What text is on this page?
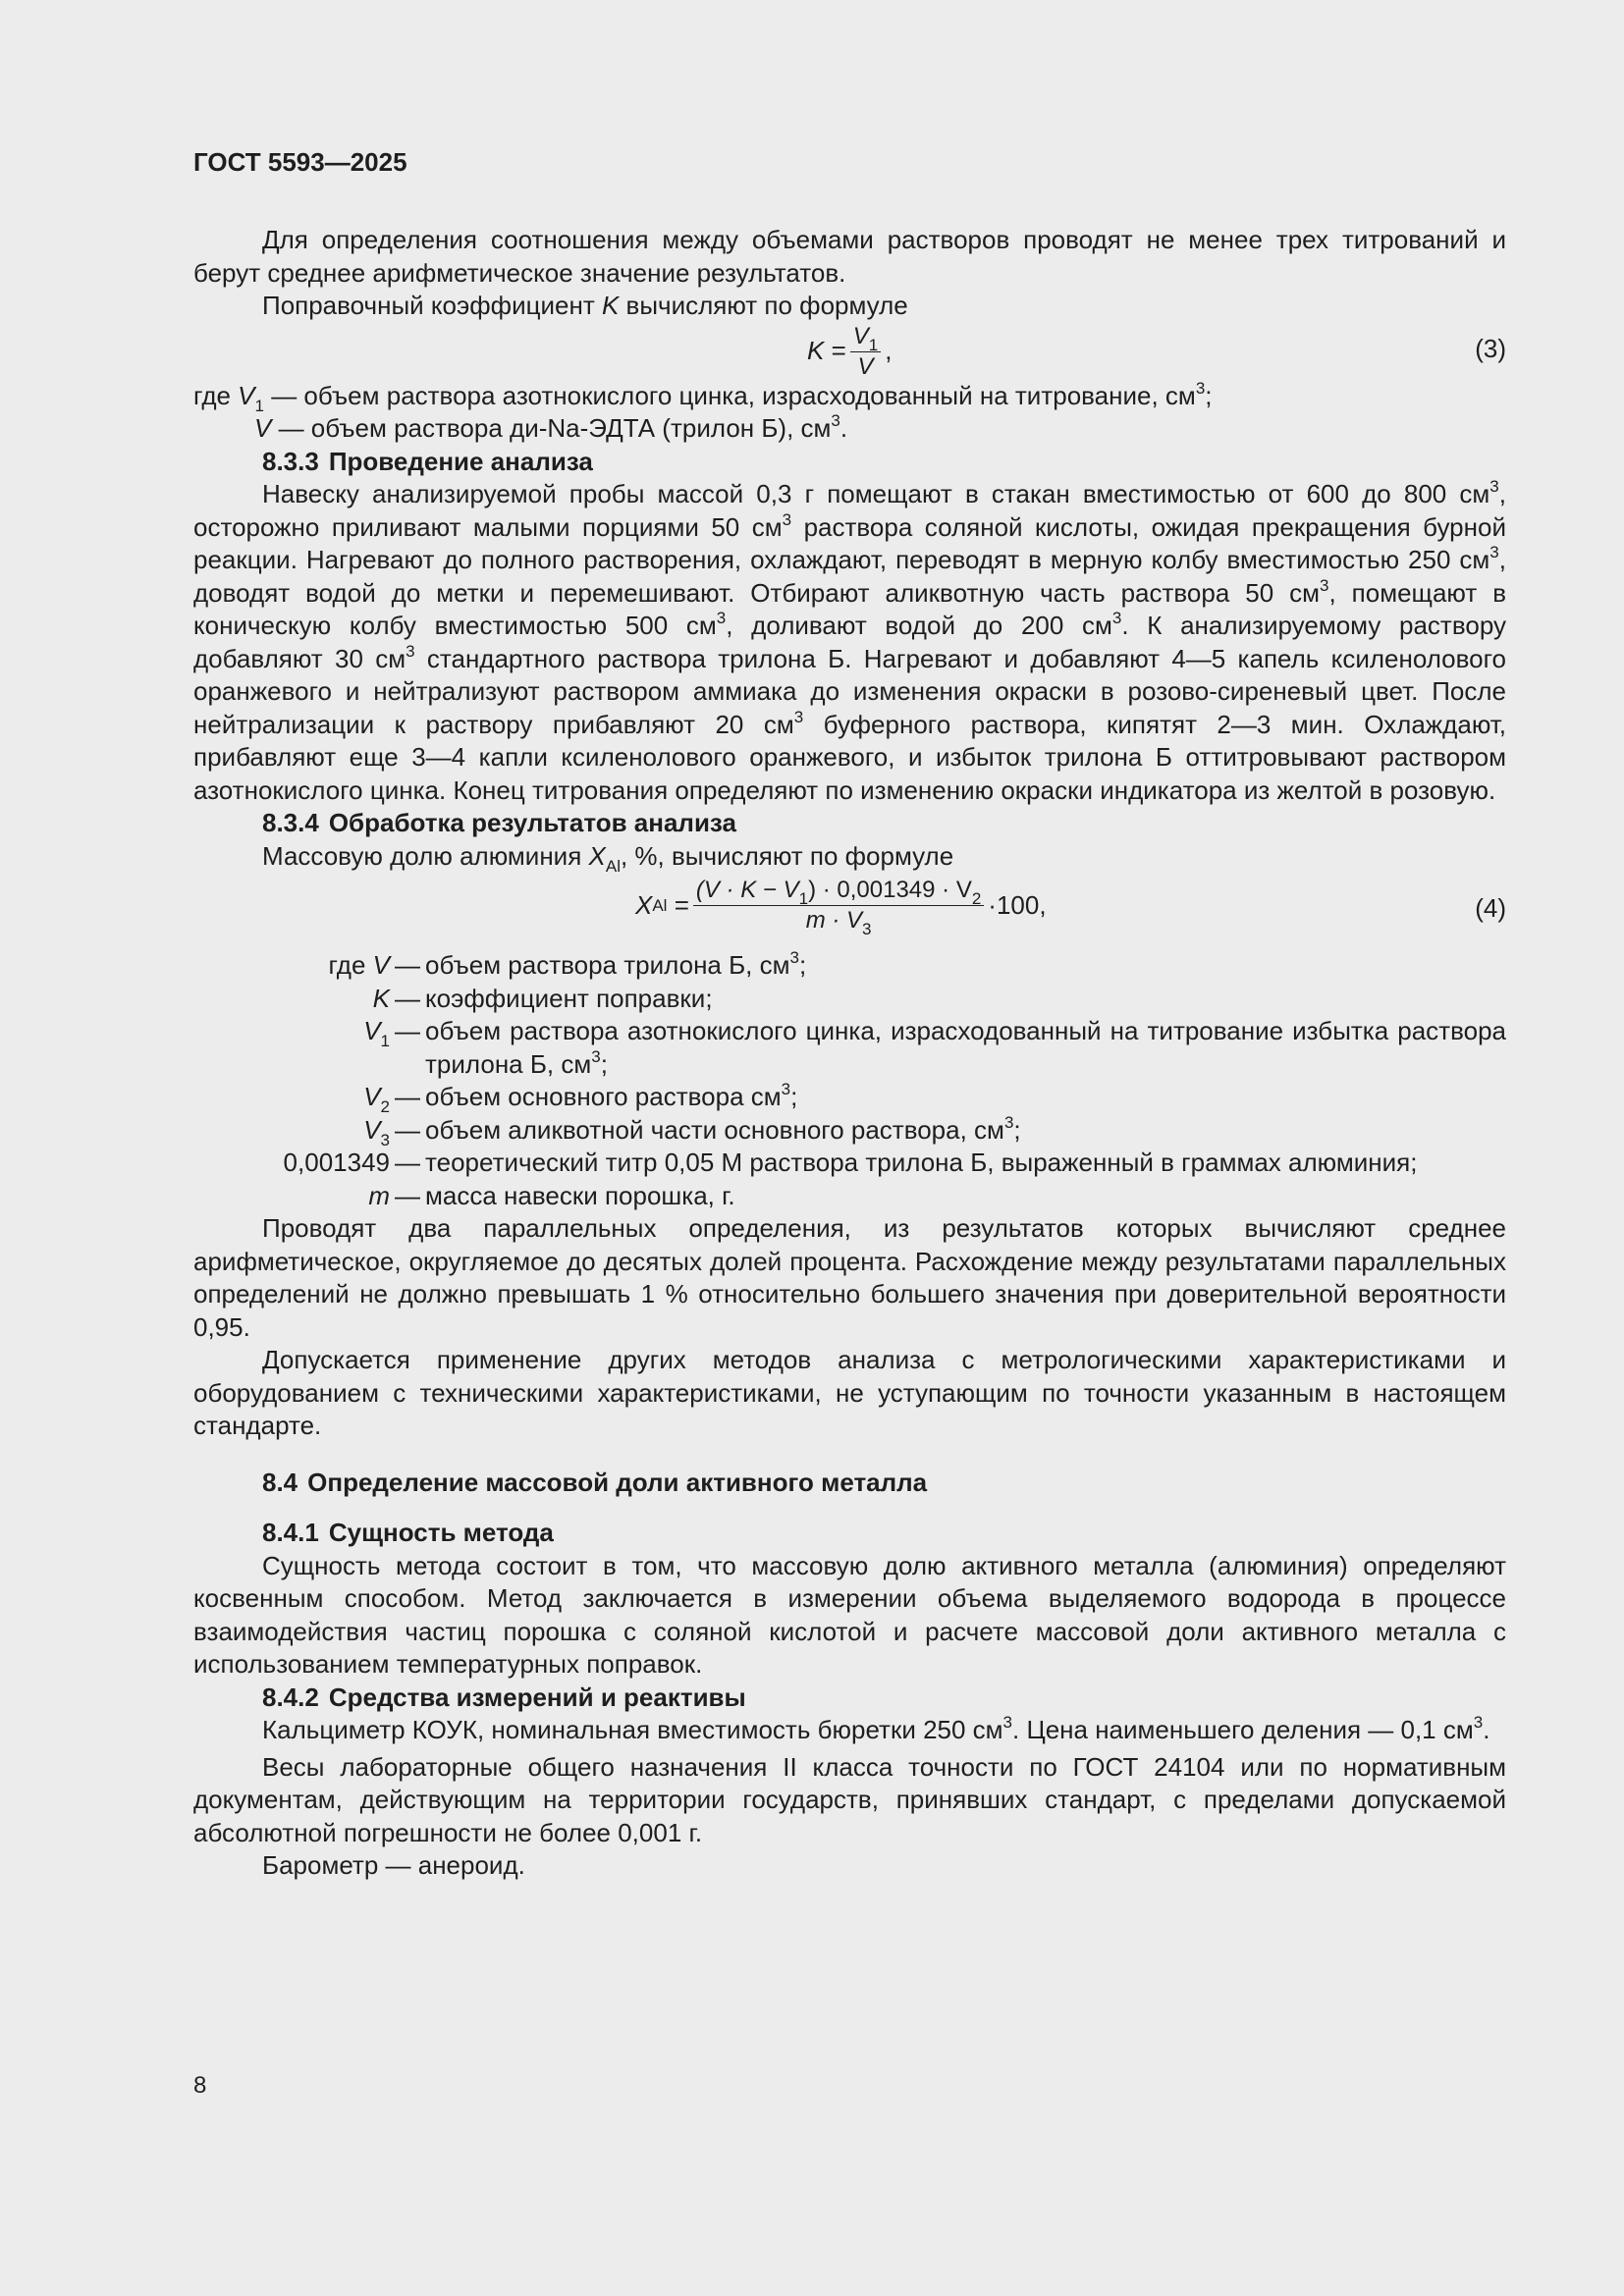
ГОСТ 5593—2025

Для определения соотношения между объемами растворов проводят не менее трех титрований и берут среднее арифметическое значение результатов.

Поправочный коэффициент K вычисляют по формуле

K
= $\frac{V_1}{V}$ ,	(3)

где $V_1$ — объем раствора азотнокислого цинка, израсходованный на титрование, $см^3$;

V — объем раствора ди-Na-ЭДТА (трилон Б), $см^3$.

8.3.3 Проведение анализа

Навеску анализируемой пробы массой 0,3 г помещают в стакан вместимостью от 600 до 800 $см^3$, осторожно приливают малыми порциями 50 $см^3$ раствора соляной кислоты, ожидая прекращения бурной реакции. Нагревают до полного растворения, охлаждают, переводят в мерную колбу вместимостью 250 $см^3$, доводят водой до метки и перемешивают. Отбирают аликвотную часть раствора 50 $см^3$, помещают в коническую колбу вместимостью 500 $см^3$, доливают водой до 200 $см^3$. К анализируемому раствору добавляют 30 $см^3$ стандартного раствора трилона Б. Нагревают и добавляют 4—5 капель ксиленолового оранжевого и нейтрализуют раствором аммиака до изменения окраски в розово-сиреневый цвет. После нейтрализации к раствору прибавляют 20 $см^3$ буферного раствора, кипятят 2—3 мин. Охлаждают, прибавляют еще 3—4 капли ксиленолового оранжевого, и избыток трилона Б оттитровывают раствором азотнокислого цинка. Конец титрования определяют по изменению окраски индикатора из желтой в розовую.

8.3.4 Обработка результатов анализа

Массовую долю алюминия $X_{Al}$, %, вычисляют по формуле

X Al
= $\frac{(V \cdot K - V_1) \cdot 0,001349 \cdot V_2}{m \cdot V_3} \cdot 100$,	(4)
где V — объем раствора трилона Б, $см^3$;
K — коэффициент поправки;
$V_1$ — объем раствора азотнокислого цинка, израсходованный на титрование избытка раствора трилона Б, $см^3$;
$V_2$ — объем основного раствора $см^3$;
$V_3$ — объем аликвотной части основного раствора, $см^3$;
0,001349 — теоретический титр 0,05 М раствора трилона Б, выраженный в граммах алюминия;
m — масса навески порошка, г.

Проводят два параллельных определения, из результатов которых вычисляют среднее арифметическое, округляемое до десятых долей процента. Расхождение между результатами параллельных определений не должно превышать 1 % относительно большего значения при доверительной вероятности 0,95.

Допускается применение других методов анализа с метрологическими характеристиками и оборудованием с техническими характеристиками, не уступающим по точности указанным в настоящем стандарте.

8.4 Определение массовой доли активного металла

8.4.1 Сущность метода

Сущность метода состоит в том, что массовую долю активного металла (алюминия) определяют косвенным способом. Метод заключается в измерении объема выделяемого водорода в процессе взаимодействия частиц порошка с соляной кислотой и расчете массовой доли активного металла с использованием температурных поправок.

8.4.2 Средства измерений и реактивы

Кальциметр КОУК, номинальная вместимость бюретки 250 $см^3$. Цена наименьшего деления — 0,1 $см^3$.

Весы лабораторные общего назначения II класса точности по ГОСТ 24104 или по нормативным документам, действующим на территории государств, принявших стандарт, с пределами допускаемой абсолютной погрешности не более 0,001 г.

Барометр — анероид.

8
